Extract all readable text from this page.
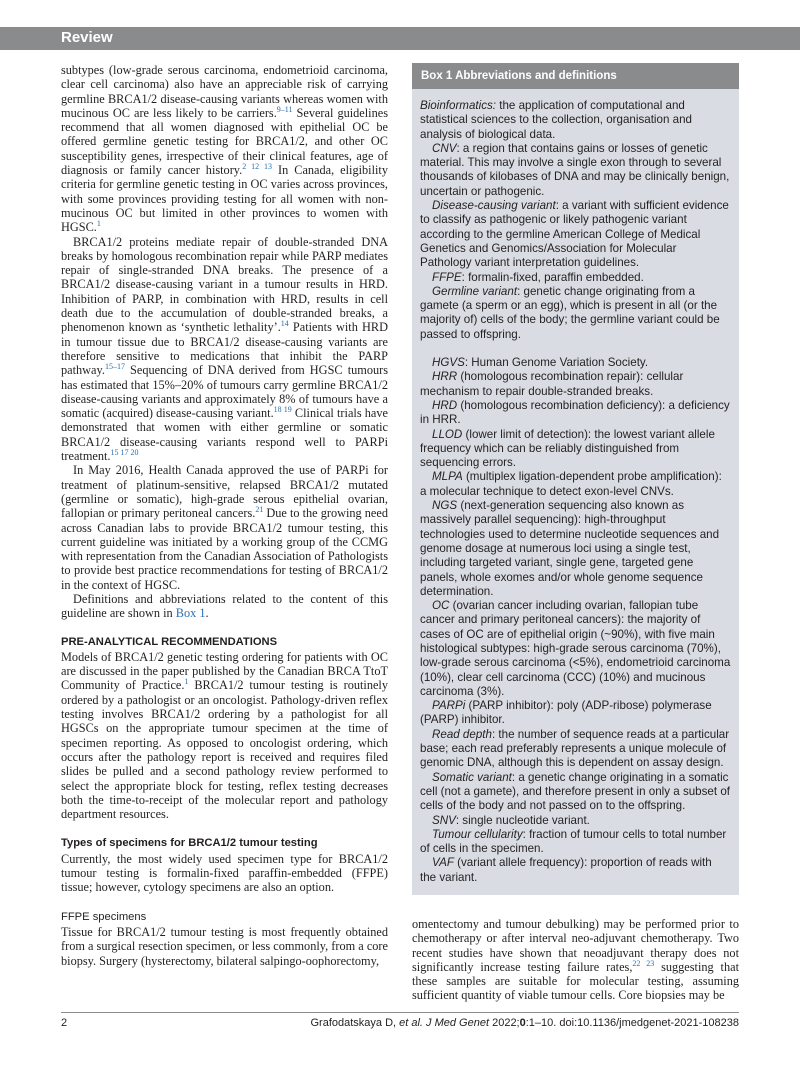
Review

subtypes (low-grade serous carcinoma, endometrioid carcinoma, clear cell carcinoma) also have an appreciable risk of carrying germline BRCA1/2 disease-causing variants whereas women with mucinous OC are less likely to be carriers.$^{9-11}$ Several guidelines recommend that all women diagnosed with epithelial OC be offered germline genetic testing for BRCA1/2, and other OC susceptibility genes, irrespective of their clinical features, age of diagnosis or family cancer history.$^{2 12 13}$ In Canada, eligibility criteria for germline genetic testing in OC varies across provinces, with some provinces providing testing for all women with non-mucinous OC but limited in other provinces to women with HGSC.$^1$

BRCA1/2 proteins mediate repair of double-stranded DNA breaks by homologous recombination repair while PARP mediates repair of single-stranded DNA breaks. The presence of a BRCA1/2 disease-causing variant in a tumour results in HRD. Inhibition of PARP, in combination with HRD, results in cell death due to the accumulation of double-stranded breaks, a phenomenon known as ‘synthetic lethality’.$^{14}$ Patients with HRD in tumour tissue due to BRCA1/2 disease-causing variants are therefore sensitive to medications that inhibit the PARP pathway.$^{15-17}$ Sequencing of DNA derived from HGSC tumours has estimated that 15%–20% of tumours carry germline BRCA1/2 disease-causing variants and approximately 8% of tumours have a somatic (acquired) disease-causing variant.$^{18 19}$ Clinical trials have demonstrated that women with either germline or somatic BRCA1/2 disease-causing variants respond well to PARPi treatment.$^{15 17 20}$

In May 2016, Health Canada approved the use of PARPi for treatment of platinum-sensitive, relapsed BRCA1/2 mutated (germline or somatic), high-grade serous epithelial ovarian, fallopian or primary peritoneal cancers.$^{21}$ Due to the growing need across Canadian labs to provide BRCA1/2 tumour testing, this current guideline was initiated by a working group of the CCMG with representation from the Canadian Association of Pathologists to provide best practice recommendations for testing of BRCA1/2 in the context of HGSC.

Definitions and abbreviations related to the content of this guideline are shown in Box 1.

PRE-ANALYTICAL RECOMMENDATIONS

Models of BRCA1/2 genetic testing ordering for patients with OC are discussed in the paper published by the Canadian BRCA TtoT Community of Practice.$^1$ BRCA1/2 tumour testing is routinely ordered by a pathologist or an oncologist. Pathology-driven reflex testing involves BRCA1/2 ordering by a pathologist for all HGSCs on the appropriate tumour specimen at the time of specimen reporting. As opposed to oncologist ordering, which occurs after the pathology report is received and requires filed slides be pulled and a second pathology review performed to select the appropriate block for testing, reflex testing decreases both the time-to-receipt of the molecular report and pathology department resources.

Types of specimens for BRCA1/2 tumour testing

Currently, the most widely used specimen type for BRCA1/2 tumour testing is formalin-fixed paraffin-embedded (FFPE) tissue; however, cytology specimens are also an option.

FFPE specimens

Tissue for BRCA1/2 tumour testing is most frequently obtained from a surgical resection specimen, or less commonly, from a core biopsy. Surgery (hysterectomy, bilateral salpingo-oophorectomy,

Box 1 Abbreviations and definitions

Bioinformatics: the application of computational and statistical sciences to the collection, organisation and analysis of biological data.

CNV: a region that contains gains or losses of genetic material. This may involve a single exon through to several thousands of kilobases of DNA and may be clinically benign, uncertain or pathogenic.

Disease-causing variant: a variant with sufficient evidence to classify as pathogenic or likely pathogenic variant according to the germline American College of Medical Genetics and Genomics/Association for Molecular Pathology variant interpretation guidelines.

FFPE: formalin-fixed, paraffin embedded.

Germline variant: genetic change originating from a gamete (a sperm or an egg), which is present in all (or the majority of) cells of the body; the germline variant could be passed to offspring.

HGVS: Human Genome Variation Society.

HRR (homologous recombination repair): cellular mechanism to repair double-stranded breaks.

HRD (homologous recombination deficiency): a deficiency in HRR.

LLOD (lower limit of detection): the lowest variant allele frequency which can be reliably distinguished from sequencing errors.

MLPA (multiplex ligation-dependent probe amplification): a molecular technique to detect exon-level CNVs.

NGS (next-generation sequencing also known as massively parallel sequencing): high-throughput technologies used to determine nucleotide sequences and genome dosage at numerous loci using a single test, including targeted variant, single gene, targeted gene panels, whole exomes and/or whole genome sequence determination.

OC (ovarian cancer including ovarian, fallopian tube cancer and primary peritoneal cancers): the majority of cases of OC are of epithelial origin (~90%), with five main histological subtypes: high-grade serous carcinoma (70%), low-grade serous carcinoma (<5%), endometrioid carcinoma (10%), clear cell carcinoma (CCC) (10%) and mucinous carcinoma (3%).

PARPi (PARP inhibitor): poly (ADP-ribose) polymerase (PARP) inhibitor.

Read depth: the number of sequence reads at a particular base; each read preferably represents a unique molecule of genomic DNA, although this is dependent on assay design.

Somatic variant: a genetic change originating in a somatic cell (not a gamete), and therefore present in only a subset of cells of the body and not passed on to the offspring.

SNV: single nucleotide variant.

Tumour cellularity: fraction of tumour cells to total number of cells in the specimen.

VAF (variant allele frequency): proportion of reads with the variant.

omentectomy and tumour debulking) may be performed prior to chemotherapy or after interval neo-adjuvant chemotherapy. Two recent studies have shown that neoadjuvant therapy does not significantly increase testing failure rates,$^{22 23}$ suggesting that these samples are suitable for molecular testing, assuming sufficient quantity of viable tumour cells. Core biopsies may be

2	Grafodatskaya D, et al. J Med Genet 2022;0:1–10. doi:10.1136/jmedgenet-2021-108238
